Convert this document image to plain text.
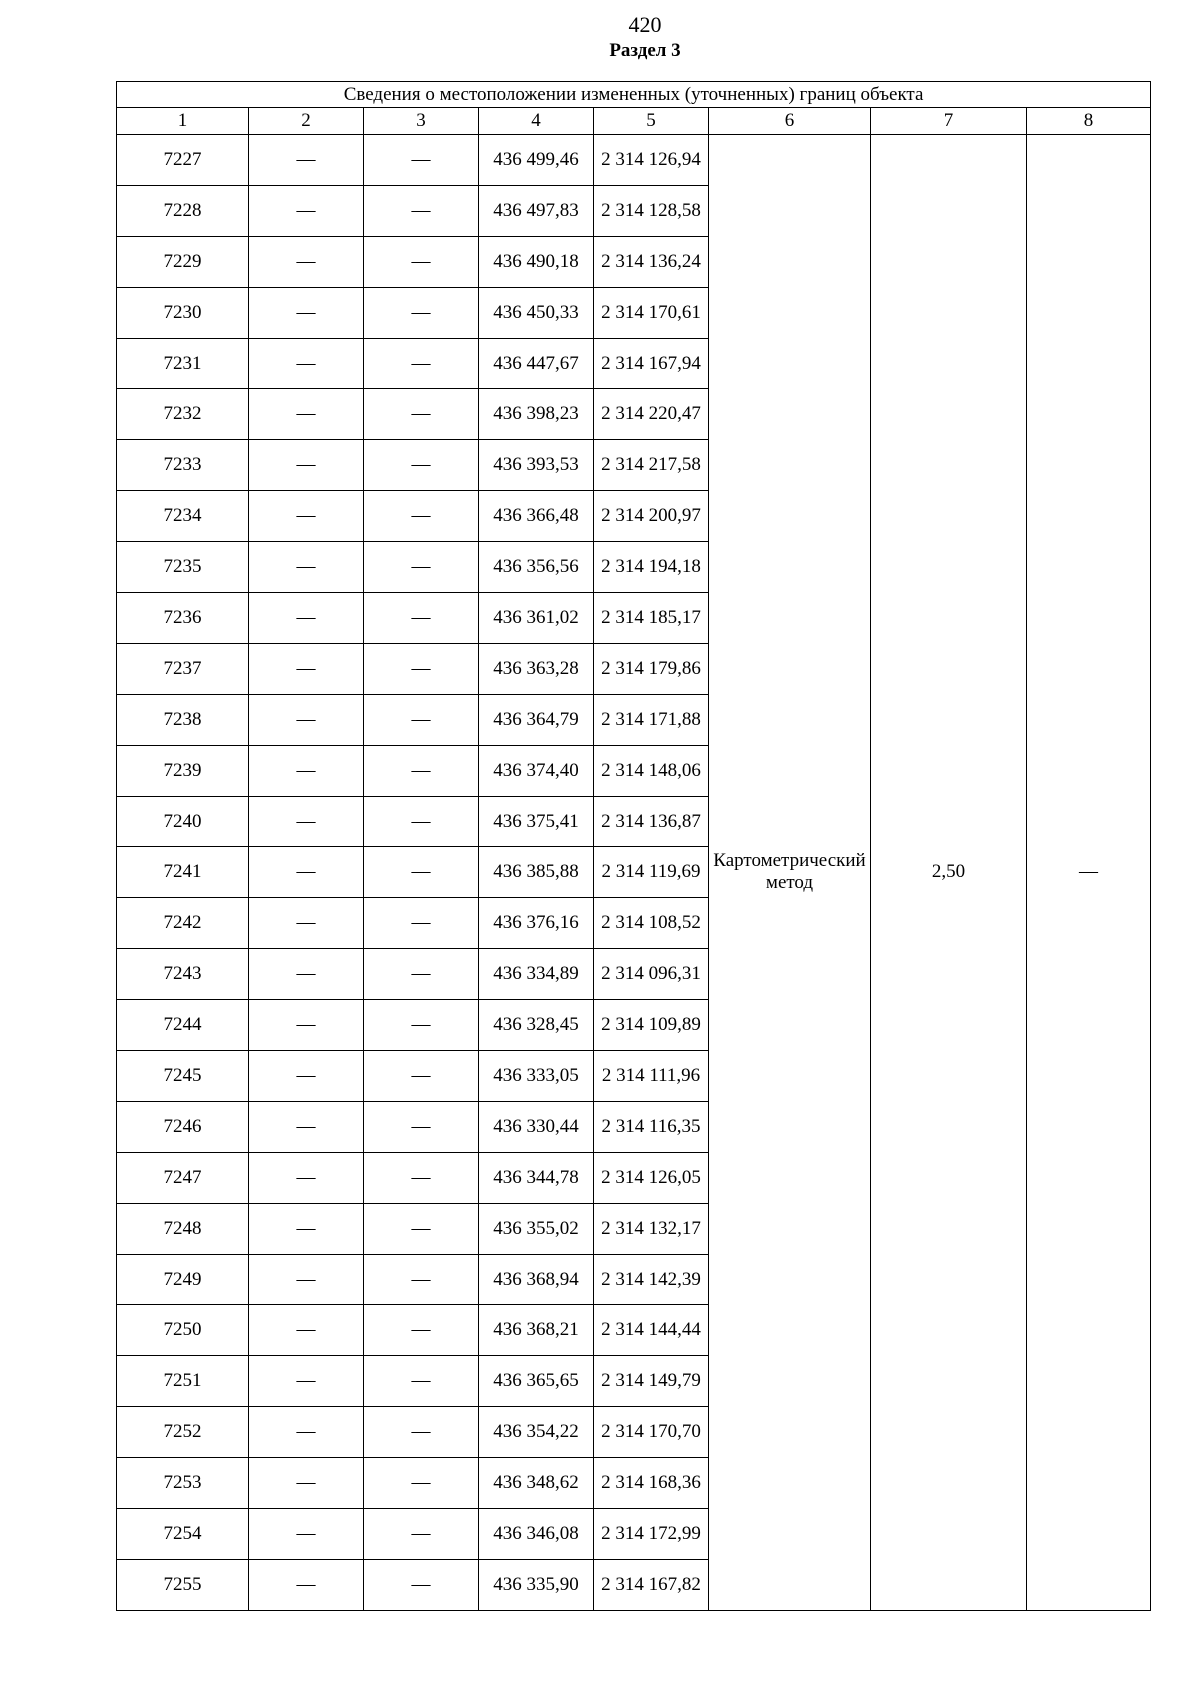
420
Раздел 3
Сведения о местоположении измененных (уточненных) границ объекта							
1	2	3	4	5	6	7	8
7227	—	—	436 499,46	2 314 126,94	Картометрический метод	2,50	—
7228	—	—	436 497,83	2 314 128,58			
7229	—	—	436 490,18	2 314 136,24			
7230	—	—	436 450,33	2 314 170,61			
7231	—	—	436 447,67	2 314 167,94			
7232	—	—	436 398,23	2 314 220,47			
7233	—	—	436 393,53	2 314 217,58			
7234	—	—	436 366,48	2 314 200,97			
7235	—	—	436 356,56	2 314 194,18			
7236	—	—	436 361,02	2 314 185,17			
7237	—	—	436 363,28	2 314 179,86			
7238	—	—	436 364,79	2 314 171,88			
7239	—	—	436 374,40	2 314 148,06			
7240	—	—	436 375,41	2 314 136,87			
7241	—	—	436 385,88	2 314 119,69			
7242	—	—	436 376,16	2 314 108,52			
7243	—	—	436 334,89	2 314 096,31			
7244	—	—	436 328,45	2 314 109,89			
7245	—	—	436 333,05	2 314 111,96			
7246	—	—	436 330,44	2 314 116,35			
7247	—	—	436 344,78	2 314 126,05			
7248	—	—	436 355,02	2 314 132,17			
7249	—	—	436 368,94	2 314 142,39			
7250	—	—	436 368,21	2 314 144,44			
7251	—	—	436 365,65	2 314 149,79			
7252	—	—	436 354,22	2 314 170,70			
7253	—	—	436 348,62	2 314 168,36			
7254	—	—	436 346,08	2 314 172,99			
7255	—	—	436 335,90	2 314 167,82			
